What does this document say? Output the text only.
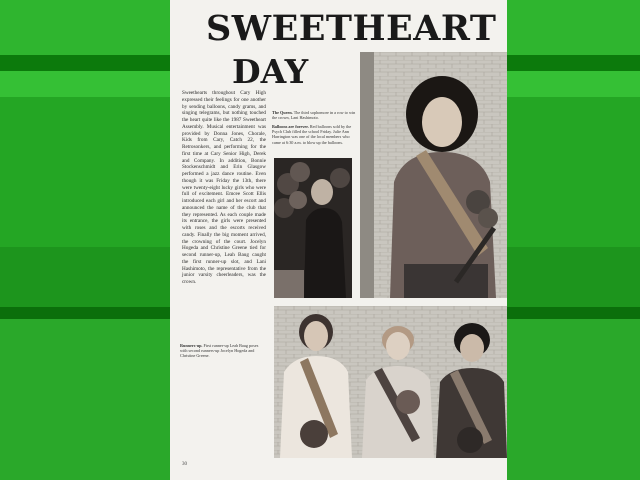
SWEETHEART
DAY

Sweethearts throughout Cary High expressed their feelings for one another by sending balloons, candy grams, and singing telegrams, but nothing touched the heart quite like the 1987 Sweetheart Assembly. Musical entertainment was provided by Donna Jones, Chorale, Kids from Cary, Catch 22, the Retrosonkers, and performing for the first time at Cary Senior High, Derek and Company. In addition, Bonnie Stockenschmidt and Erin Glasgow performed a jazz dance routine. Even though it was Friday the 13th, there were twenty-eight lucky girls who were full of excitement. Emcee Scott Ellis introduced each girl and her escort and announced the name of the club that they represented. As each couple made its entrance, the girls were presented with roses and the escorts received candy. Finally the big moment arrived, the crowning of the court. Jocelyn Hogeda and Christine Greene tied for second runner-up, Leah Baug caught the first runner-up slot, and Lani Hashimoto, the representative from the junior varsity cheerleaders, was the crown.

The Queen. The third sophomore in a row to win the crown, Lani Hashimoto.

Balloons are forever. Red balloons sold by the Psych Club filled the school Friday. Julie Ann Harrington was one of the local members who came at 6:30 a.m. to blow up the balloons.

Runners-up. First runner-up Leah Baug poses with second runners-up Jocelyn Hogeda and Christine Greene.

30
